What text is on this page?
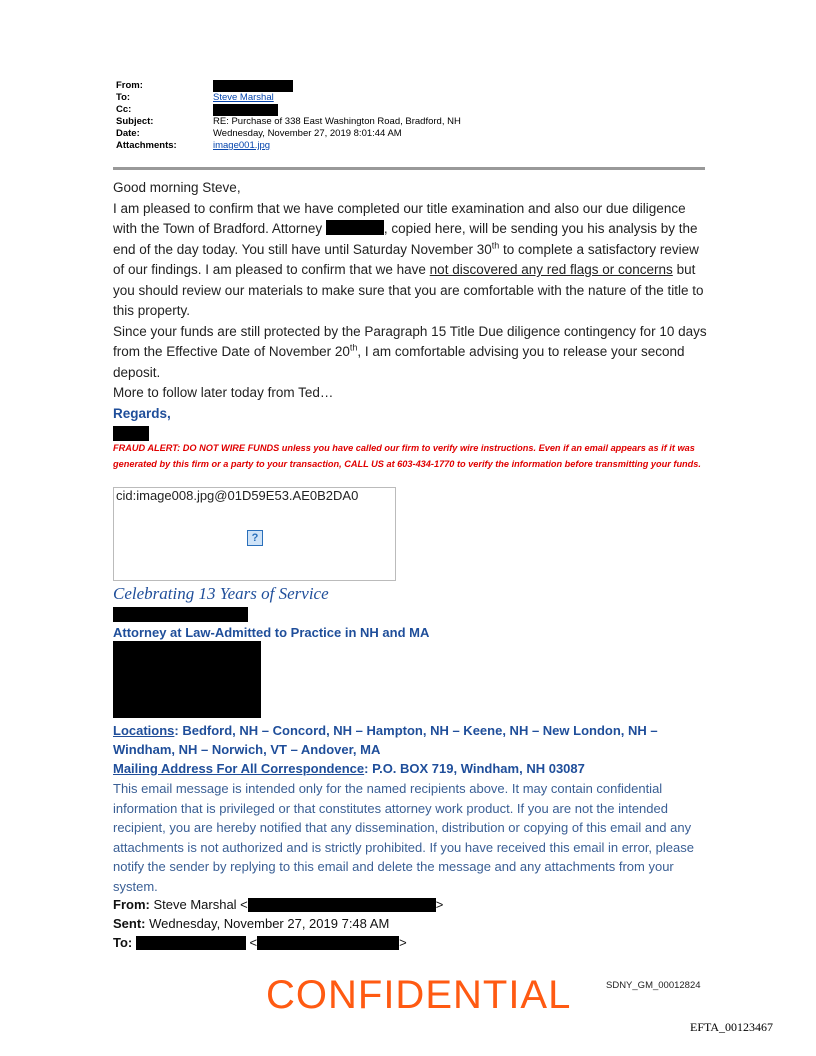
From:
To:	Steve Marshal
Cc:
Subject:	RE: Purchase of 338 East Washington Road, Bradford, NH
Date:	Wednesday, November 27, 2019 8:01:44 AM
Attachments:	image001.jpg

Good morning Steve,

I am pleased to confirm that we have completed our title examination and also our due diligence with the Town of Bradford. Attorney	, copied here, will be sending you his analysis by the end of the day today. You still have until Saturday November 30th to complete a satisfactory review of our findings. I am pleased to confirm that we have not discovered any red flags or concerns but you should review our materials to make sure that you are comfortable with the nature of the title to this property.

Since your funds are still protected by the Paragraph 15 Title Due diligence contingency for 10 days from the Effective Date of November 20th, I am comfortable advising you to release your second deposit.

More to follow later today from Ted…

Regards,

FRAUD ALERT: DO NOT WIRE FUNDS unless you have called our firm to verify wire instructions. Even if an email appears as if it was generated by this firm or a party to your transaction, CALL US at 603-434-1770 to verify the information before transmitting your funds.
cid:image008.jpg@01D59E53.AE0B2DA0
?
Celebrating 13 Years of Service
Attorney at Law-Admitted to Practice in NH and MA
Locations: Bedford, NH – Concord, NH – Hampton, NH – Keene, NH – New London, NH – Windham, NH – Norwich, VT – Andover, MA
Mailing Address For All Correspondence: P.O. BOX 719, Windham, NH 03087
This email message is intended only for the named recipients above. It may contain confidential information that is privileged or that constitutes attorney work product. If you are not the intended recipient, you are hereby notified that any dissemination, distribution or copying of this email and any attachments is not authorized and is strictly prohibited. If you have received this email in error, please notify the sender by replying to this email and delete the message and any attachments from your system.
From:
Steve Marshal <	>
Sent:
Wednesday, November 27, 2019 7:48 AM
To:

	<	>
CONFIDENTIAL	SDNY_GM_00012824
EFTA_00123467
